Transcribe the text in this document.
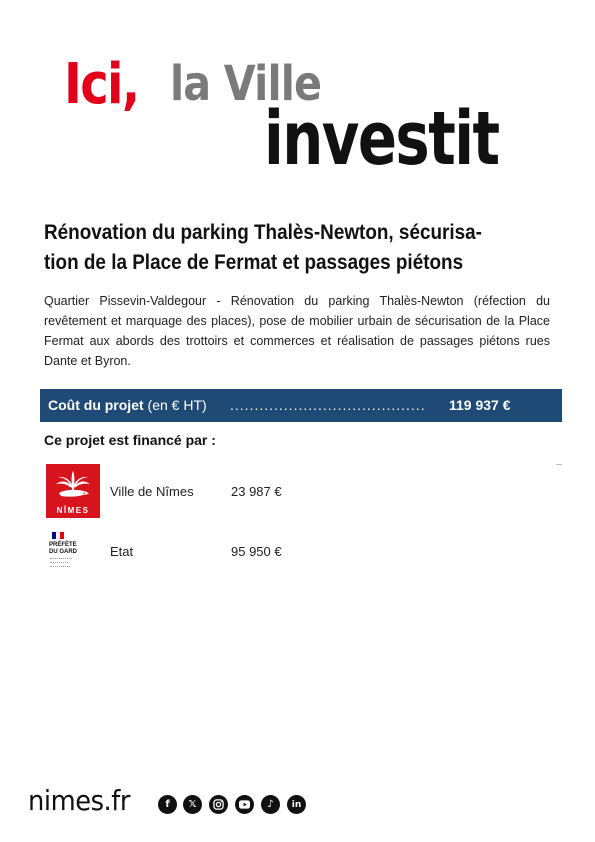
Ici, la Ville
investit
Rénovation du parking Thalès-Newton, sécurisa-
tion de la Place de Fermat et passages piétons

Quartier Pissevin-Valdegour - Rénovation du parking Thalès-Newton (réfection du revêtement et marquage des places), pose de mobilier urbain de sécurisation de la Place Fermat aux abords des trottoirs et commerces et réalisation de passages piétons rues Dante et Byron.

Coût du projet (en € HT) ........................................	119 937 €
Ce projet est financé par :
NÎMES
Ville de Nîmes	23 987 €
PRÉFÈTE
DU GARD	Etat	95 950 €
nimes.fr	f	𝕏	♪	in
